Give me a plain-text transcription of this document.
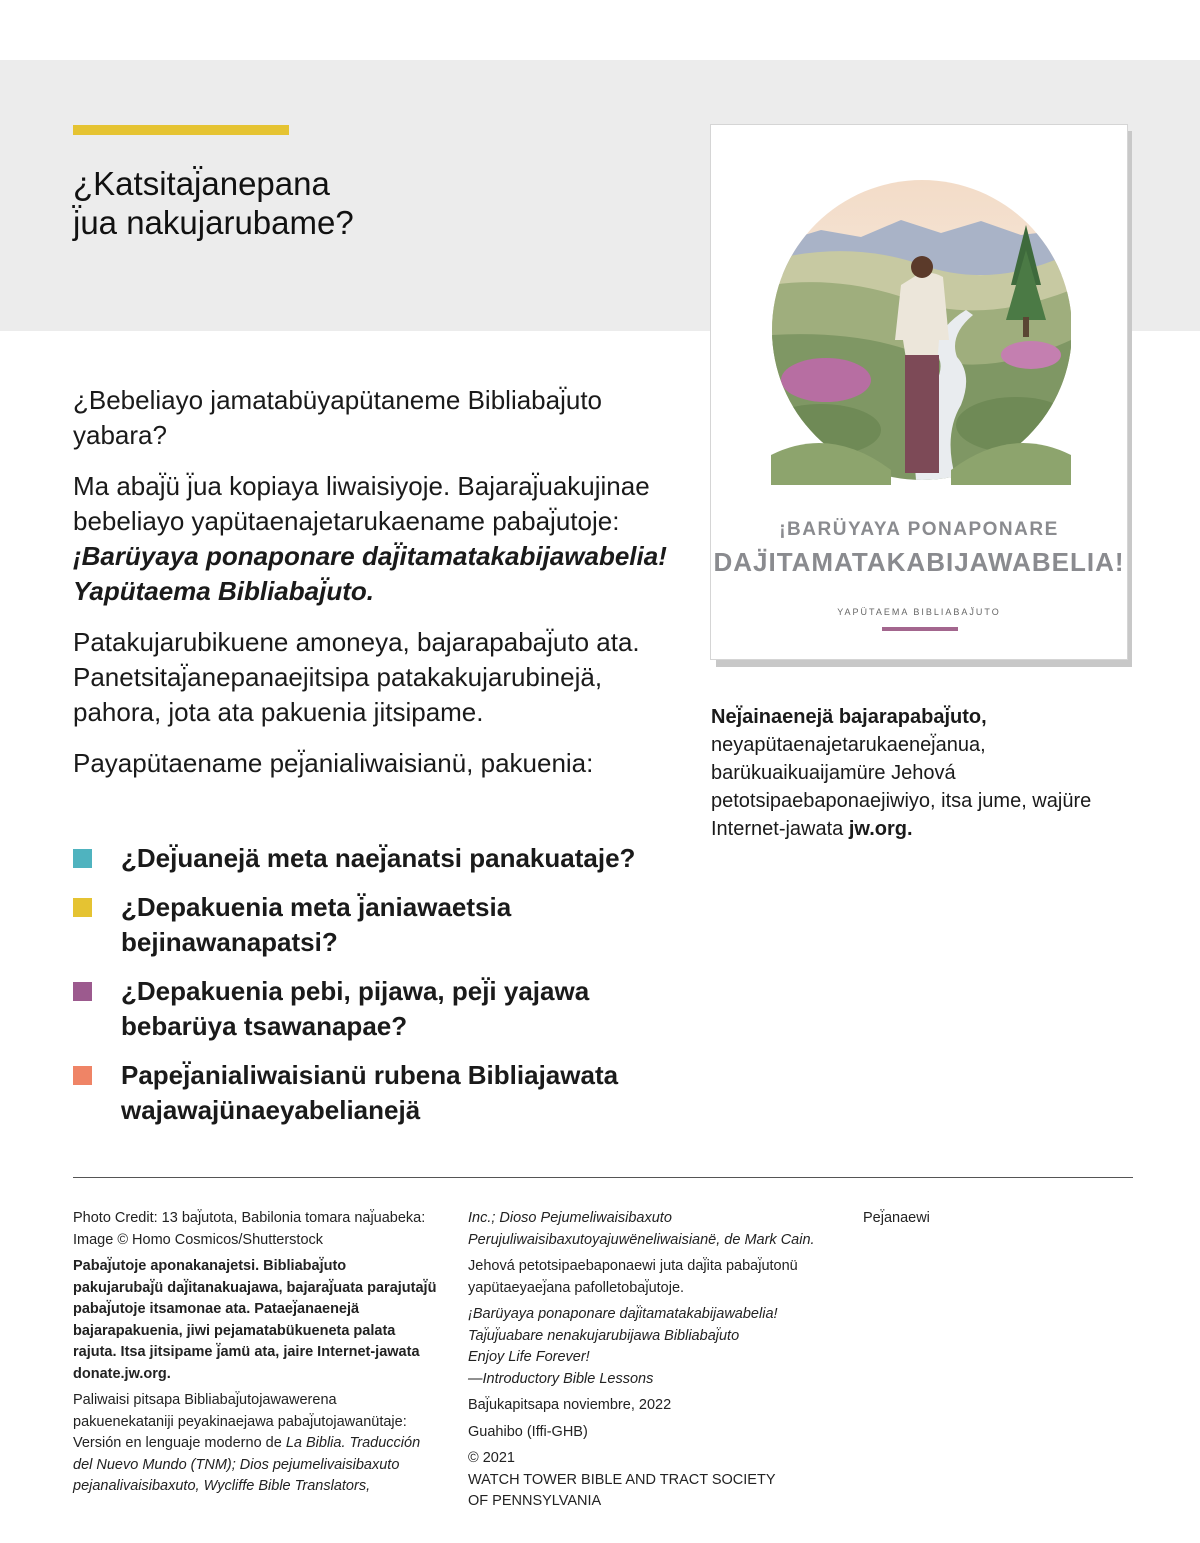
¿Katsitaj̈anepana
j̈ua nakujarubame?

¿Bebeliayo jamatabüyapütaneme Bibliabaj̈uto yabara?

Ma abaj̈ü j̈ua kopiaya liwaisiyoje. Bajaraj̈uakujinae bebeliayo yapütaenajetarukaename pabaj̈utoje: ¡Barüyaya ponaponare daj̈itamatakabijawabelia! Yapütaema Bibliabaj̈uto.

Patakujarubikuene amoneya, bajarapabaj̈uto ata. Panetsitaj̈anepanaejitsipa patakakujarubinejä, pahora, jota ata pakuenia jitsipame.

Payapütaename pej̈anialiwaisianü, pakuenia:

¿Dej̈uanejä meta naej̈anatsi panakuataje?
¿Depakuenia meta j̈aniawaetsia bejinawanapatsi?
¿Depakuenia pebi, pijawa, pej̈i yajawa bebarüya tsawanapae?
Papej̈anialiwaisianü rubena Bibliajawata wajawajünaeyabelianejä
¡BARÜYAYA PONAPONARE
DAJ̈ITAMATAKABIJAWABELIA!
YAPÜTAEMA BIBLIABAJ̈UTO
Nej̈ainaenejä bajarapabaj̈uto, neyapütaenajetarukaenej̈anua, barükuaikuaijamüre Jehová petotsipaebaponaejiwiyo, itsa jume, wajüre Internet-jawata jw.org.

Photo Credit: 13 baj̈utota, Babilonia tomara naj̈uabeka: Image © Homo Cosmicos/Shutterstock

Pabaj̈utoje aponakanajetsi. Bibliabaj̈uto pakujarubaj̈ü daj̈itanakuajawa, bajaraj̈uata parajutaj̈ü pabaj̈utoje itsamonae ata. Pataej̈anaenejä bajarapakuenia, jiwi pejamatabükueneta palata rajuta. Itsa jitsipame j̈amü ata, jaire Internet-jawata donate.jw.org.

Paliwaisi pitsapa Bibliabaj̈utojawawerena pakuenekataniji peyakinaejawa pabaj̈utojawanütaje: Versión en lenguaje moderno de La Biblia. Traducción del Nuevo Mundo (TNM); Dios pejumelivaisibaxuto pejanalivaisibaxuto, Wycliffe Bible Translators,

Inc.; Dioso Pejumeliwaisibaxuto Perujuliwaisibaxutoyajuwëneliwaisianë, de Mark Cain.

Jehová petotsipaebaponaewi juta daj̈ita pabaj̈utonü yapütaeyaej̈ana pafolletobaj̈utoje.

¡Barüyaya ponaponare daj̈itamatakabijawabelia! Taj̈uj̈uabare nenakujarubijawa Bibliabaj̈uto
Enjoy Life Forever!
—Introductory Bible Lessons

Baj̈ukapitsapa noviembre, 2022

Guahibo (Iffi-GHB)

© 2021
WATCH TOWER BIBLE AND TRACT SOCIETY
OF PENNSYLVANIA

Pej̈anaewi
